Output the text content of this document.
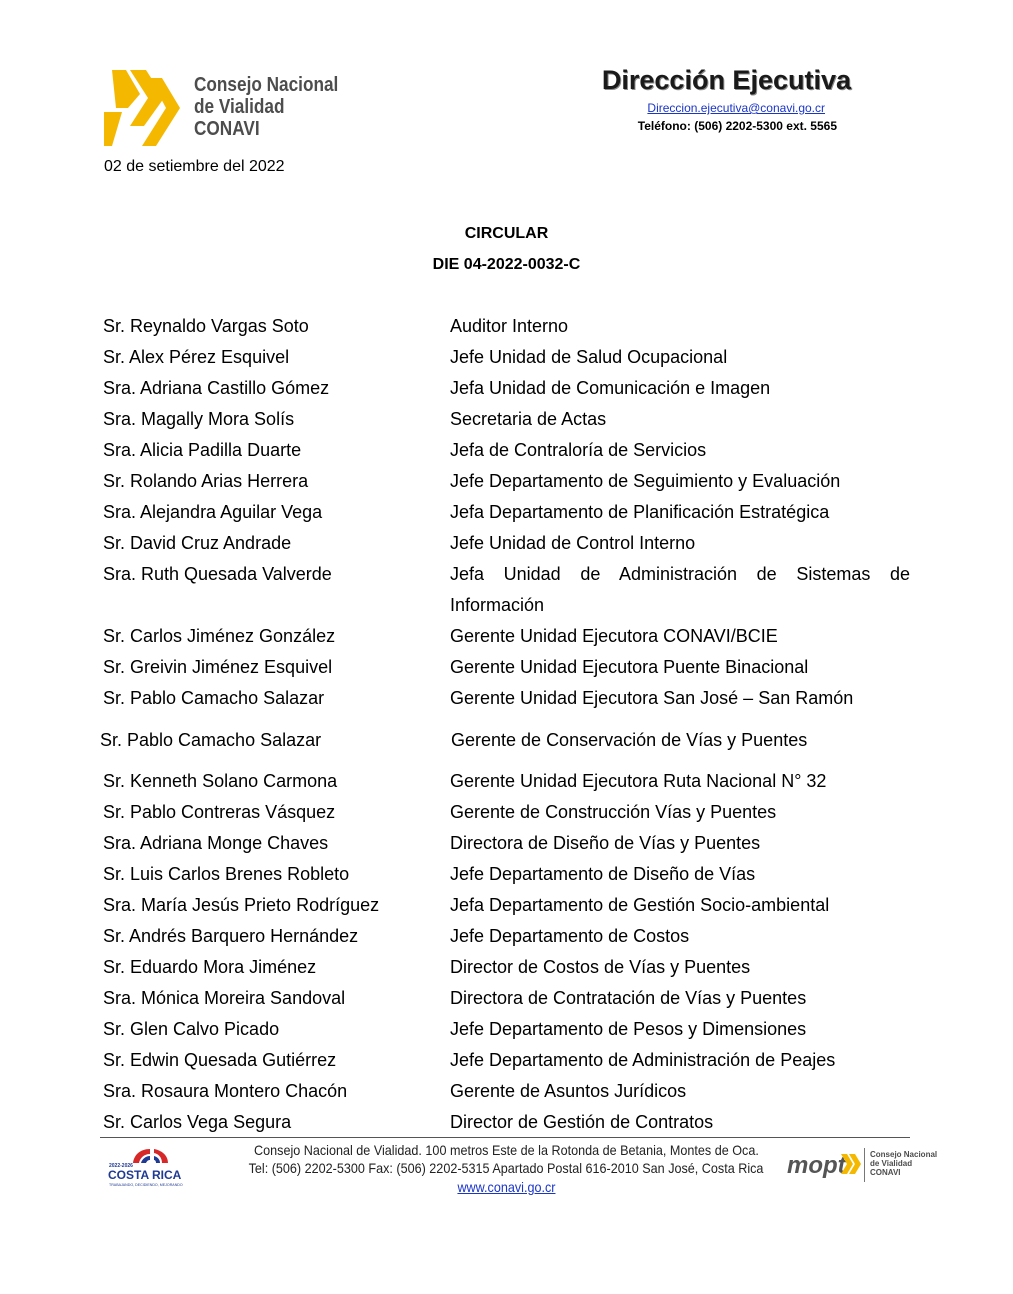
Consejo Nacional
de Vialidad
CONAVI
Dirección Ejecutiva
Direccion.ejecutiva@conavi.go.cr
Teléfono: (506) 2202-5300 ext. 5565
02 de setiembre del 2022
CIRCULAR
DIE 04-2022-0032-C
Sr. Reynaldo Vargas Soto	Auditor Interno
Sr. Alex Pérez Esquivel	Jefe Unidad de Salud Ocupacional
Sra. Adriana Castillo Gómez	Jefa Unidad de Comunicación e Imagen
Sra. Magally Mora Solís	Secretaria de Actas
Sra. Alicia Padilla Duarte	Jefa de Contraloría de Servicios
Sr. Rolando Arias Herrera	Jefe Departamento de Seguimiento y Evaluación
Sra. Alejandra Aguilar Vega	Jefa Departamento de Planificación Estratégica
Sr. David Cruz Andrade	Jefe Unidad de Control Interno
Sra. Ruth Quesada Valverde	Jefa Unidad de Administración de Sistemas de
Información
Sr. Carlos Jiménez González	Gerente Unidad Ejecutora CONAVI/BCIE
Sr. Greivin Jiménez Esquivel	Gerente Unidad Ejecutora Puente Binacional
Sr. Pablo Camacho Salazar	Gerente Unidad Ejecutora San José – San Ramón
Sr. Pablo Camacho Salazar	Gerente de Conservación de Vías y Puentes
Sr. Kenneth Solano Carmona	Gerente Unidad Ejecutora Ruta Nacional N° 32
Sr. Pablo Contreras Vásquez	Gerente de Construcción Vías y Puentes
Sra. Adriana Monge Chaves	Directora de Diseño de Vías y Puentes
Sr. Luis Carlos Brenes Robleto	Jefe Departamento de Diseño de Vías
Sra. María Jesús Prieto Rodríguez	Jefa Departamento de Gestión Socio-ambiental
Sr. Andrés Barquero Hernández	Jefe Departamento de Costos
Sr. Eduardo Mora Jiménez	Director de Costos de Vías y Puentes
Sra. Mónica Moreira Sandoval	Directora de Contratación de Vías y Puentes
Sr. Glen Calvo Picado	Jefe Departamento de Pesos y Dimensiones
Sr. Edwin Quesada Gutiérrez	Jefe Departamento de Administración de Peajes
Sra. Rosaura Montero Chacón	Gerente de Asuntos Jurídicos
Sr. Carlos Vega Segura	Director de Gestión de Contratos
2022-2026
COSTA RICA
TRABAJANDO, DECIDIENDO, MEJORANDO
Consejo Nacional de Vialidad. 100 metros Este de la Rotonda de Betania, Montes de Oca.
Tel: (506) 2202-5300 Fax: (506) 2202-5315 Apartado Postal 616-2010 San José, Costa Rica
www.conavi.go.cr
mopt	Consejo Nacional
de Vialidad
CONAVI
